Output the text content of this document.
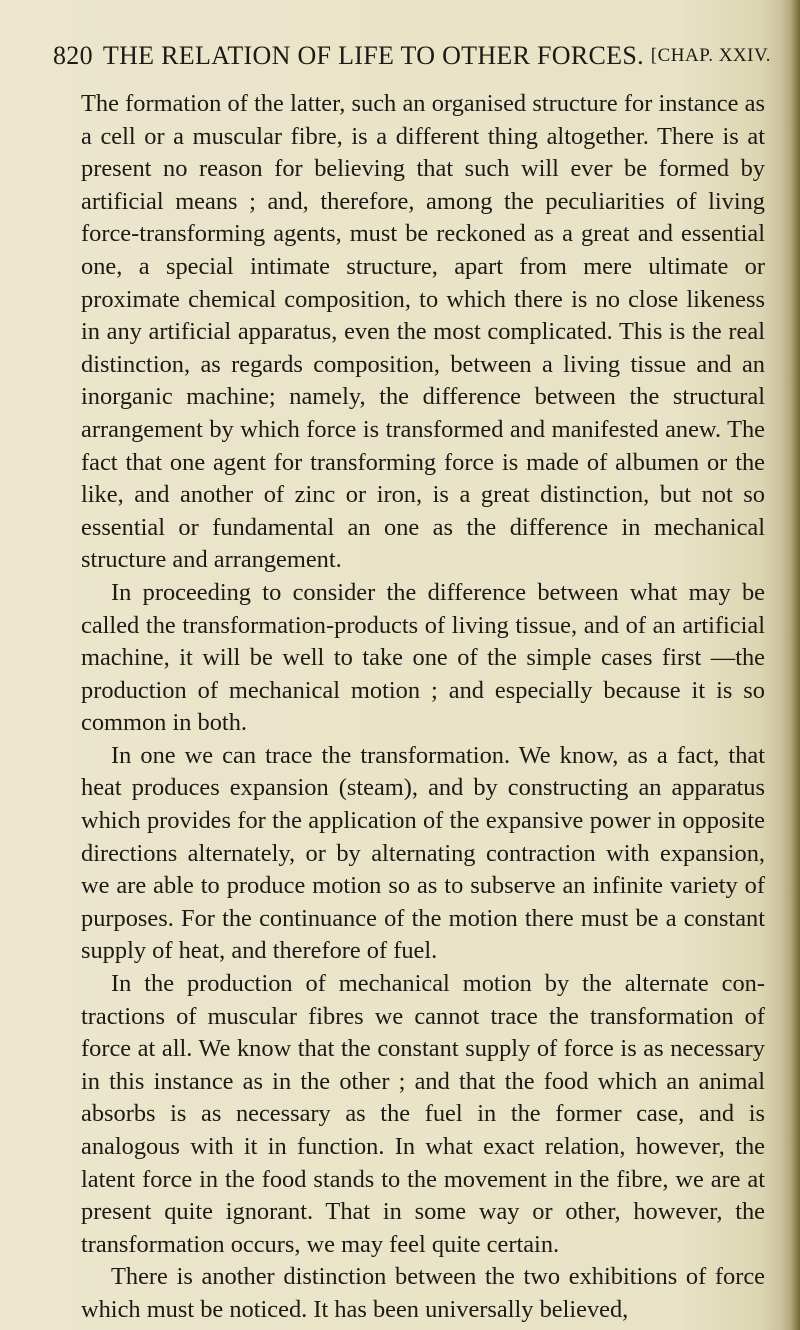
820 THE RELATION OF LIFE TO OTHER FORCES. [CHAP. XXIV.

The formation of the latter, such an organised structure for instance as a cell or a muscular fibre, is a different thing altogether. There is at present no reason for believing that such will ever be formed by artificial means ; and, therefore, among the peculiarities of living force-transforming agents, must be reckoned as a great and essential one, a special intimate structure, apart from mere ultimate or proximate chemical composition, to which there is no close likeness in any artificial apparatus, even the most complicated. This is the real distinction, as regards composition, between a living tissue and an inorganic machine; namely, the difference between the structural arrangement by which force is transformed and manifested anew. The fact that one agent for transforming force is made of albumen or the like, and another of zinc or iron, is a great distinction, but not so essential or fundamental an one as the difference in mechanical structure and arrangement.

In proceeding to consider the difference between what may be called the transformation-products of living tissue, and of an artificial machine, it will be well to take one of the simple cases first —the production of mechanical motion ; and especially because it is so common in both.

In one we can trace the transformation. We know, as a fact, that heat produces expansion (steam), and by constructing an apparatus which provides for the application of the expansive power in opposite directions alternately, or by alternating contraction with expansion, we are able to produce motion so as to subserve an infinite variety of purposes. For the continuance of the motion there must be a constant supply of heat, and therefore of fuel.

In the production of mechanical motion by the alternate contractions of muscular fibres we cannot trace the transformation of force at all. We know that the constant supply of force is as necessary in this instance as in the other ; and that the food which an animal absorbs is as necessary as the fuel in the former case, and is analogous with it in function. In what exact relation, however, the latent force in the food stands to the movement in the fibre, we are at present quite ignorant. That in some way or other, however, the transformation occurs, we may feel quite certain.

There is another distinction between the two exhibitions of force which must be noticed. It has been universally believed,
